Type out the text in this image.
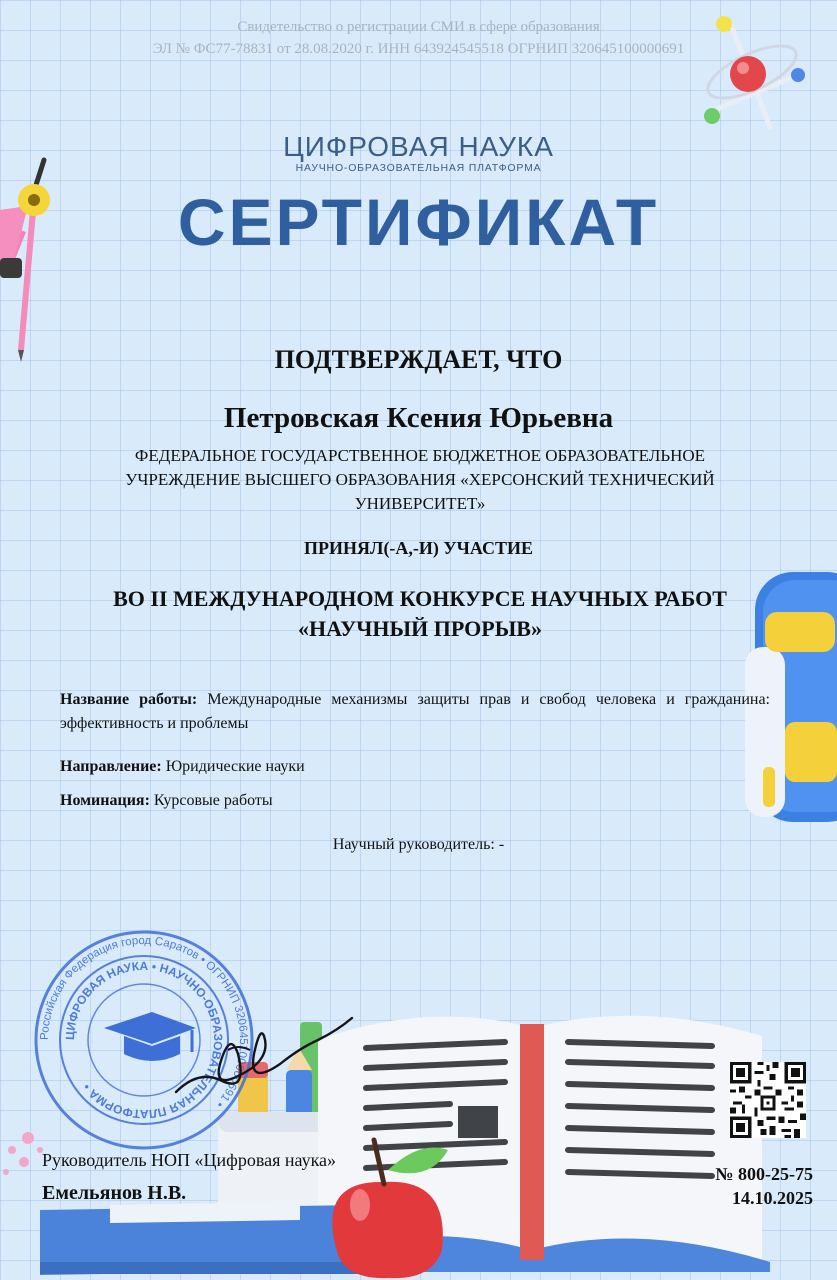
Свидетельство о регистрации СМИ в сфере образования
ЭЛ № ФС77-78831 от 28.08.2020 г. ИНН 643924545518 ОГРНИП 320645100000691
ЦИФРОВАЯ НАУКА
НАУЧНО-ОБРАЗОВАТЕЛЬНАЯ ПЛАТФОРМА
СЕРТИФИКАТ
ПОДТВЕРЖДАЕТ, ЧТО
Петровская Ксения Юрьевна
ФЕДЕРАЛЬНОЕ ГОСУДАРСТВЕННОЕ БЮДЖЕТНОЕ ОБРАЗОВАТЕЛЬНОЕ УЧРЕЖДЕНИЕ ВЫСШЕГО ОБРАЗОВАНИЯ «ХЕРСОНСКИЙ ТЕХНИЧЕСКИЙ УНИВЕРСИТЕТ»
ПРИНЯЛ(-А,-И) УЧАСТИЕ
ВО II МЕЖДУНАРОДНОМ КОНКУРСЕ НАУЧНЫХ РАБОТ
«НАУЧНЫЙ ПРОРЫВ»
Название работы: Международные механизмы защиты прав и свобод человека и гражданина: эффективность и проблемы
Направление: Юридические науки
Номинация: Курсовые работы
Научный руководитель: -
Российская Федерация город Саратов • ОГРНИП 320645100000691 •
ЦИФРОВАЯ НАУКА • НАУЧНО-ОБРАЗОВАТЕЛЬНАЯ ПЛАТФОРМА •
Руководитель НОП «Цифровая наука»
Емельянов Н.В.
№ 800-25-75
14.10.2025
